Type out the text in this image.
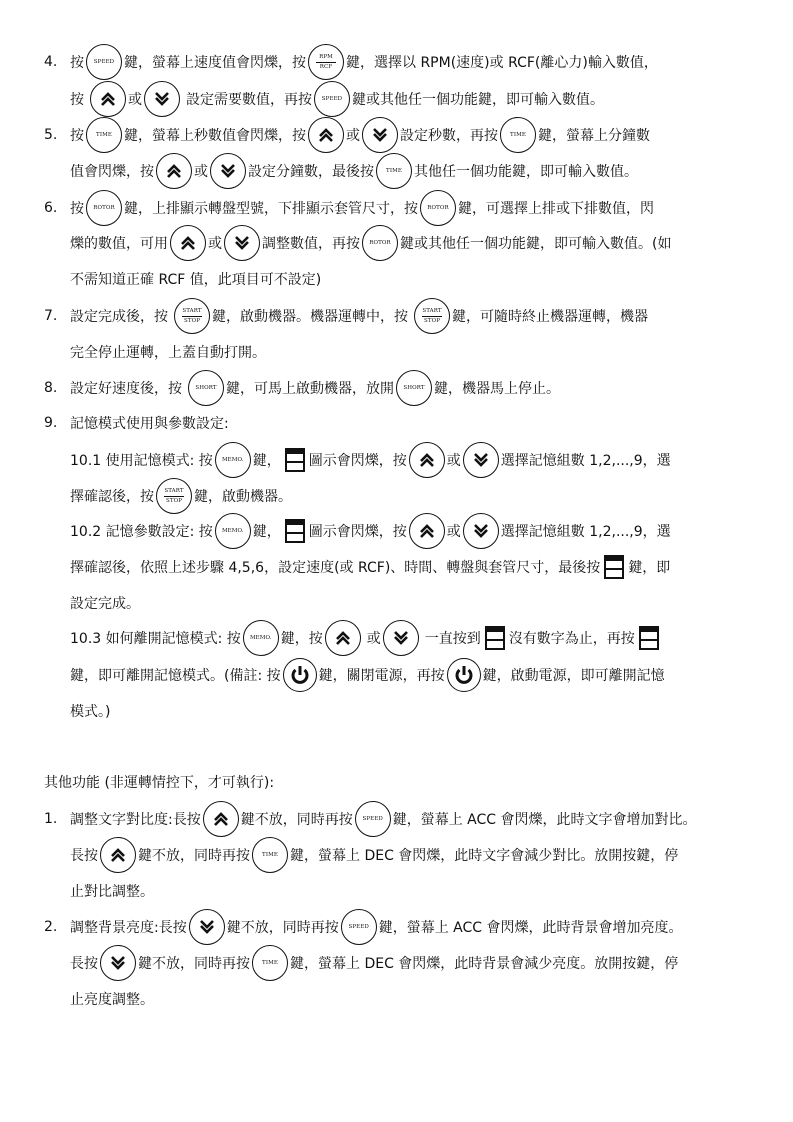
4. 按 SPEED 鍵，螢幕上速度值會閃爍，按 RPM
RCF 鍵，選擇以 RPM(速度)或 RCF(離心力)輸入數值，
按	或	設定需要數值，再按 SPEED 鍵或其他任一個功能鍵，即可輸入數值。
5. 按 TIME 鍵，螢幕上秒數值會閃爍，按	或	設定秒數，再按 TIME 鍵，螢幕上分鐘數
值會閃爍，按	或	設定分鐘數，最後按 TIME 其他任一個功能鍵，即可輸入數值。
6. 按 ROTOR 鍵，上排顯示轉盤型號，下排顯示套管尺寸，按 ROTOR 鍵，可選擇上排或下排數值，閃
爍的數值，可用	或	調整數值，再按 ROTOR 鍵或其他任一個功能鍵，即可輸入數值。(如
不需知道正確 RCF 值，此項目可不設定)
7. 設定完成後，按	START
STOP 鍵，啟動機器。機器運轉中，按	START
STOP 鍵，可隨時終止機器運轉，機器
完全停止運轉，上蓋自動打開。
8. 設定好速度後，按 SHORT 鍵，可馬上啟動機器，放開 SHORT 鍵，機器馬上停止。
9. 記憶模式使用與參數設定:
10.1 使用記憶模式: 按 MEMO. 鍵， 圖示會閃爍，按	或	選擇記憶組數 1,2,...,9，選
擇確認後，按 START
STOP 鍵，啟動機器。
10.2 記憶參數設定: 按 MEMO. 鍵， 圖示會閃爍，按	或	選擇記憶組數 1,2,...,9，選
擇確認後，依照上述步驟 4,5,6，設定速度(或 RCF)、時間、轉盤與套管尺寸，最後按 鍵，即
設定完成。
10.3 如何離開記憶模式: 按 MEMO. 鍵，按	或	一直按到 沒有數字為止，再按
鍵，即可離開記憶模式。(備註: 按	鍵，關閉電源，再按	鍵，啟動電源，即可離開記憶
模式。)
其他功能 (非運轉情控下，才可執行):
1. 調整文字對比度:長按	鍵不放，同時再按 SPEED 鍵，螢幕上 ACC 會閃爍，此時文字會增加對比。
長按	鍵不放，同時再按 TIME 鍵，螢幕上 DEC 會閃爍，此時文字會減少對比。放開按鍵，停
止對比調整。
2. 調整背景亮度:長按	鍵不放，同時再按 SPEED 鍵，螢幕上 ACC 會閃爍，此時背景會增加亮度。
長按	鍵不放，同時再按 TIME 鍵，螢幕上 DEC 會閃爍，此時背景會減少亮度。放開按鍵，停
止亮度調整。
